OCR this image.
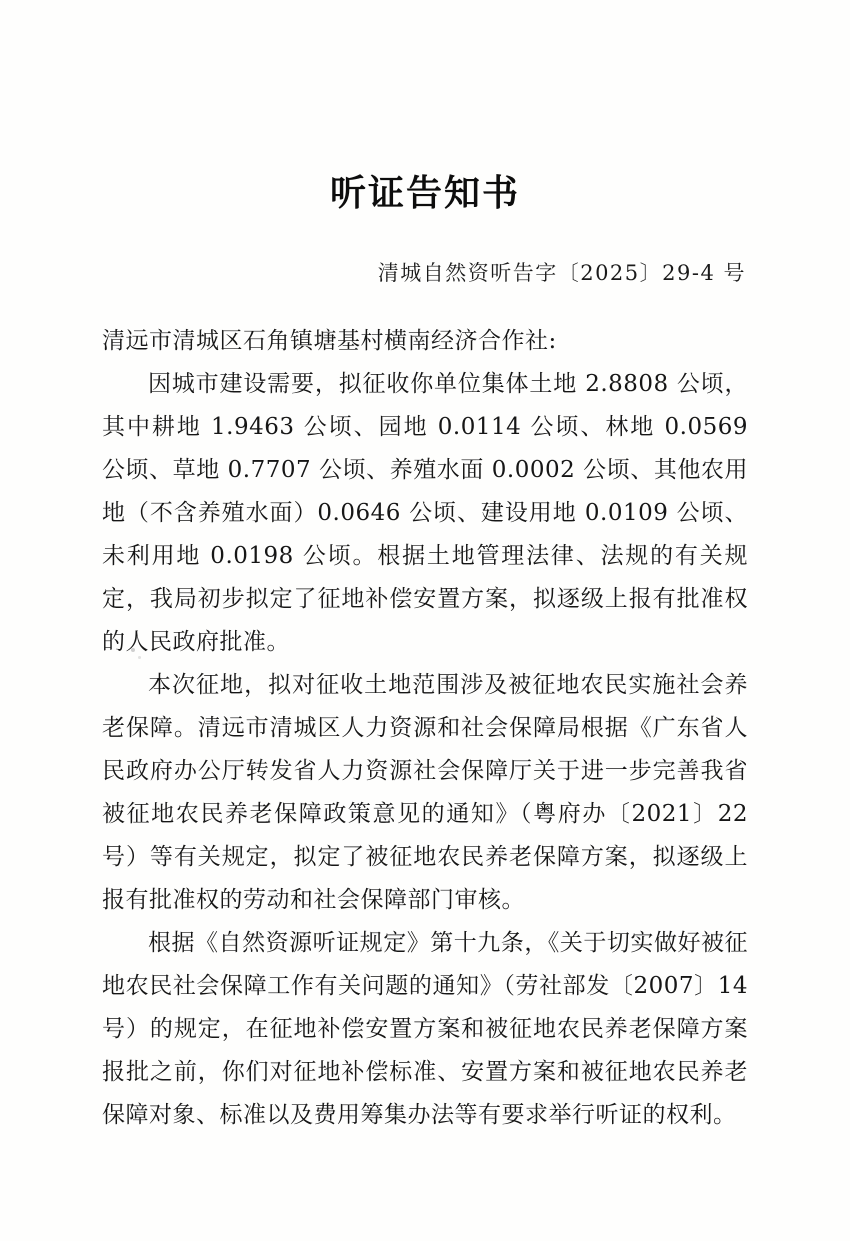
听证告知书
清城自然资听告字〔2025〕29-4 号
清远市清城区石角镇塘基村横南经济合作社:

因城市建设需要，拟征收你单位集体土地 2.8808 公顷，其中耕地 1.9463 公顷、园地 0.0114 公顷、林地 0.0569 公顷、草地 0.7707 公顷、养殖水面 0.0002 公顷、其他农用地（不含养殖水面）0.0646 公顷、建设用地 0.0109 公顷、未利用地 0.0198 公顷。根据土地管理法律、法规的有关规定，我局初步拟定了征地补偿安置方案，拟逐级上报有批准权的人民政府批准。

本次征地，拟对征收土地范围涉及被征地农民实施社会养老保障。清远市清城区人力资源和社会保障局根据《广东省人民政府办公厅转发省人力资源社会保障厅关于进一步完善我省被征地农民养老保障政策意见的通知》（粤府办〔2021〕22 号）等有关规定，拟定了被征地农民养老保障方案，拟逐级上报有批准权的劳动和社会保障部门审核。

根据《自然资源听证规定》第十九条，《关于切实做好被征地农民社会保障工作有关问题的通知》（劳社部发〔2007〕14 号）的规定，在征地补偿安置方案和被征地农民养老保障方案报批之前，你们对征地补偿标准、安置方案和被征地农民养老保障对象、标准以及费用筹集办法等有要求举行听证的权利。
